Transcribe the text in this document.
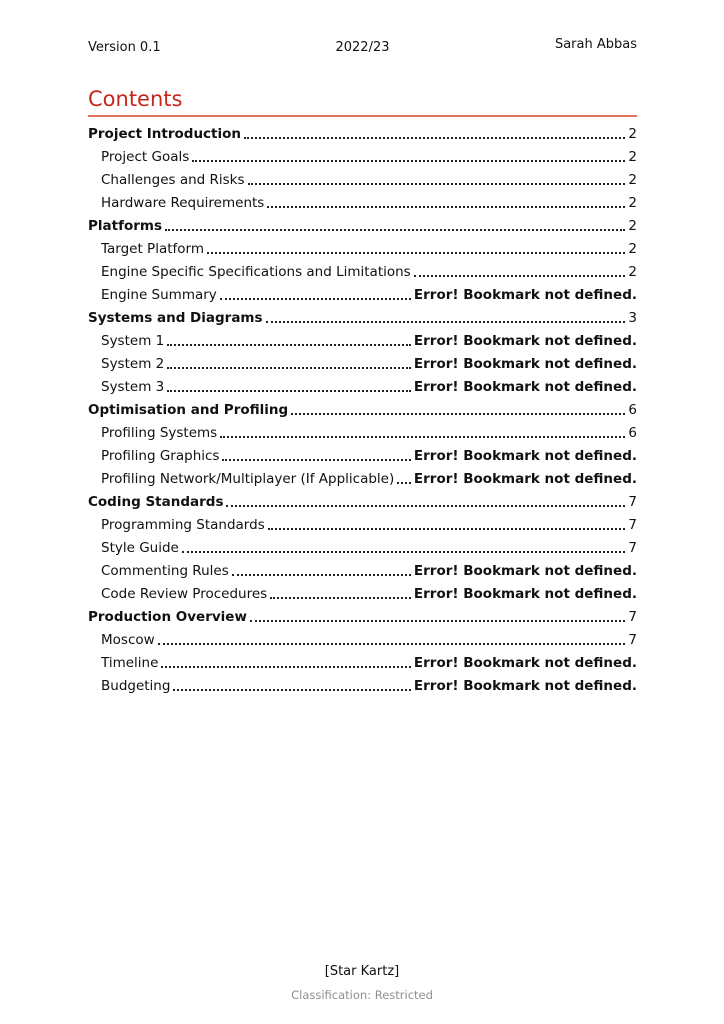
Version 0.1	2022/23	Sarah Abbas
Contents
Project Introduction	2
Project Goals	2
Challenges and Risks	2
Hardware Requirements	2
Platforms	2
Target Platform	2
Engine Specific Specifications and Limitations	2
Engine Summary	Error! Bookmark not defined.
Systems and Diagrams	3
System 1	Error! Bookmark not defined.
System 2	Error! Bookmark not defined.
System 3	Error! Bookmark not defined.
Optimisation and Profiling	6
Profiling Systems	6
Profiling Graphics	Error! Bookmark not defined.
Profiling Network/Multiplayer (If Applicable) Error! Bookmark not defined.
Coding Standards	7
Programming Standards	7
Style Guide	7
Commenting Rules	Error! Bookmark not defined.
Code Review Procedures	Error! Bookmark not defined.
Production Overview	7
Moscow	7
Timeline	Error! Bookmark not defined.
Budgeting	Error! Bookmark not defined.
[Star Kartz]
Classification: Restricted
